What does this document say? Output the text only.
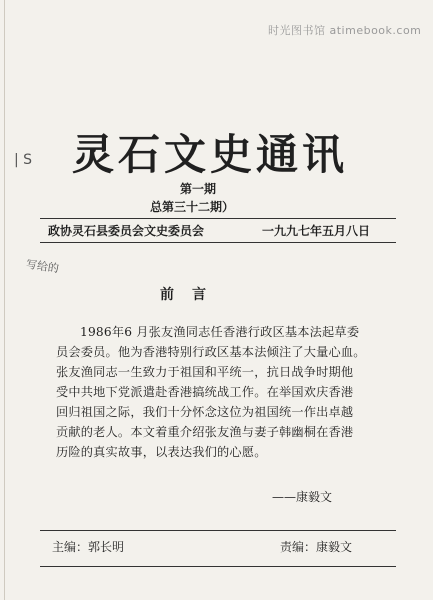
时光图书馆 atimebook.com
灵石文史通讯
| S
第一期
总第三十二期）
政协灵石县委员会文史委员会	一九九七年五月八日
写给的
前言
1986年6 月张友渔同志任香港行政区基本法起草委
员会委员。他为香港特别行政区基本法倾注了大量心血。
张友渔同志一生致力于祖国和平统一，抗日战争时期他
受中共地下党派遣赴香港搞统战工作。在举国欢庆香港
回归祖国之际，我们十分怀念这位为祖国统一作出卓越
贡献的老人。本文着重介绍张友渔与妻子韩幽桐在香港
历险的真实故事，以表达我们的心愿。
——康毅文
主编：郭长明	责编：康毅文
